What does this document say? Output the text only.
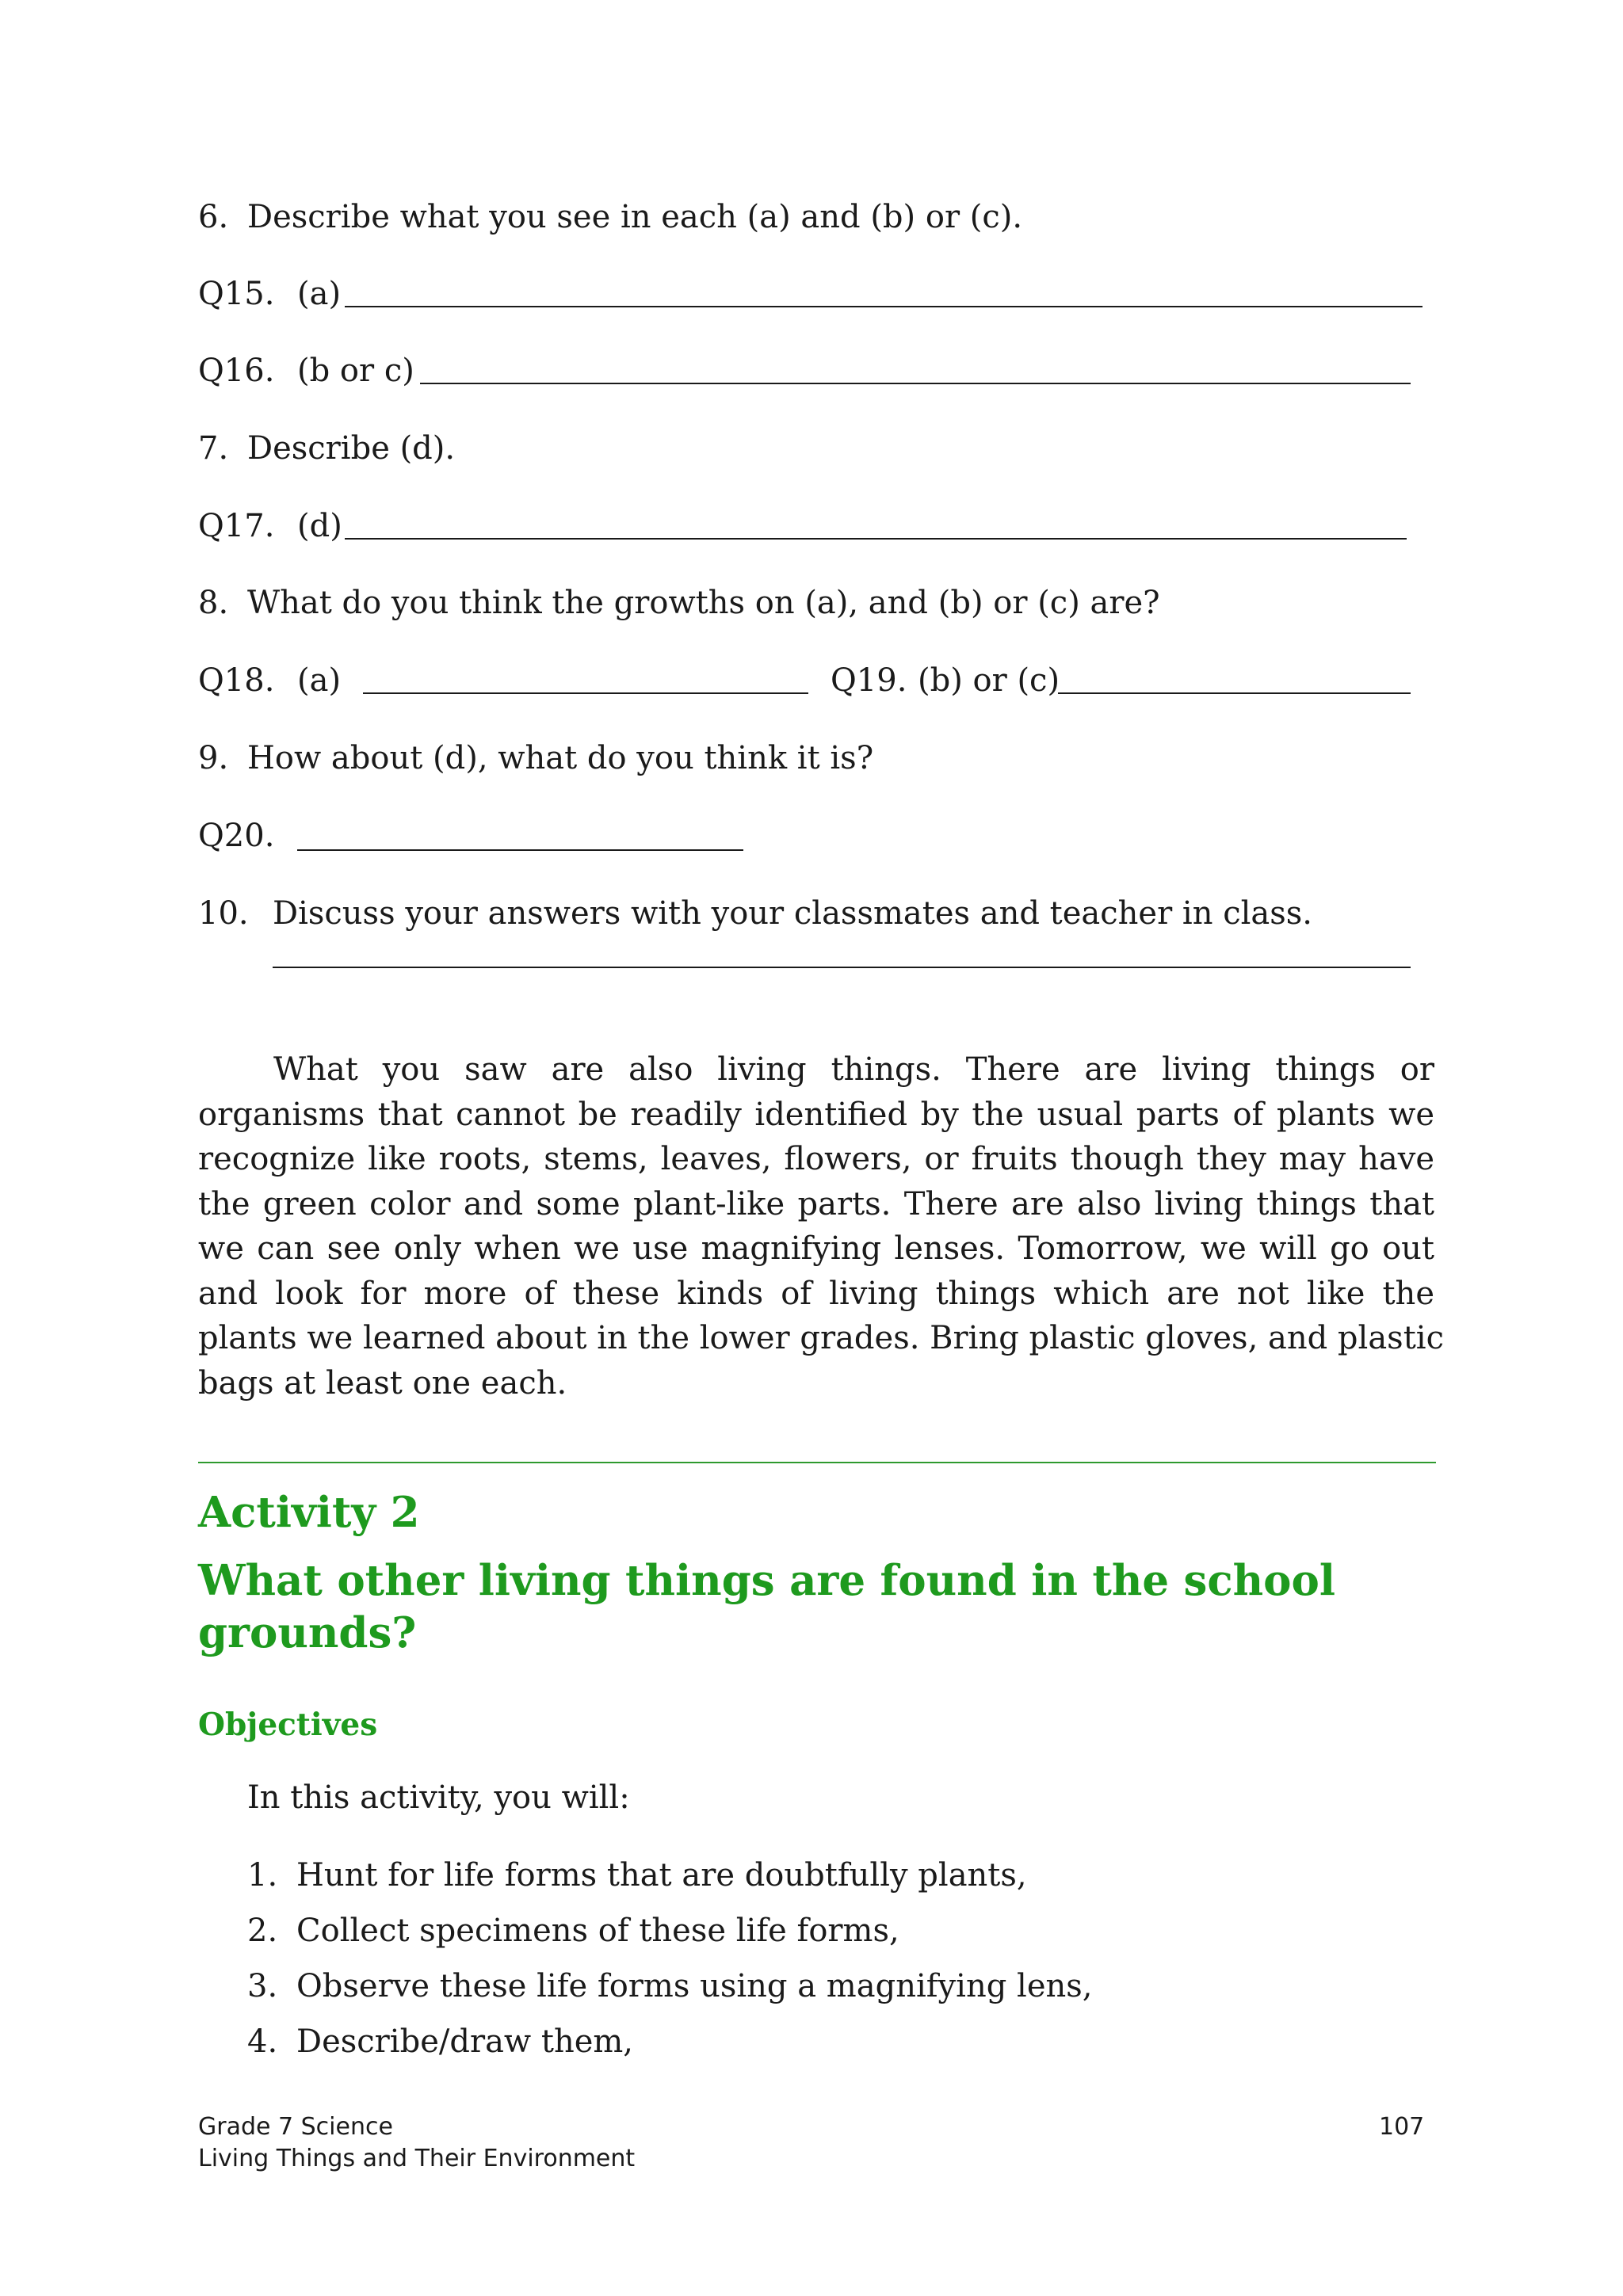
6. Describe what you see in each (a) and (b) or (c).
Q15. (a)
Q16. (b or c)
7. Describe (d).
Q17. (d)
8. What do you think the growths on (a), and (b) or (c) are?
Q18. (a)	Q19. (b) or (c)
9. How about (d), what do you think it is?
Q20.
10. Discuss your answers with your classmates and teacher in class.
What you saw are also living things. There are living things or
organisms that cannot be readily identified by the usual parts of plants we
recognize like roots, stems, leaves, flowers, or fruits though they may have
the green color and some plant-like parts. There are also living things that
we can see only when we use magnifying lenses. Tomorrow, we will go out
and look for more of these kinds of living things which are not like the
plants we learned about in the lower grades. Bring plastic gloves, and plastic
bags at least one each.
Activity 2
What other living things are found in the school
grounds?
Objectives
In this activity, you will:
1. Hunt for life forms that are doubtfully plants,
2. Collect specimens of these life forms,
3. Observe these life forms using a magnifying lens,
4. Describe/draw them,
Grade 7 Science
Living Things and Their Environment
107
